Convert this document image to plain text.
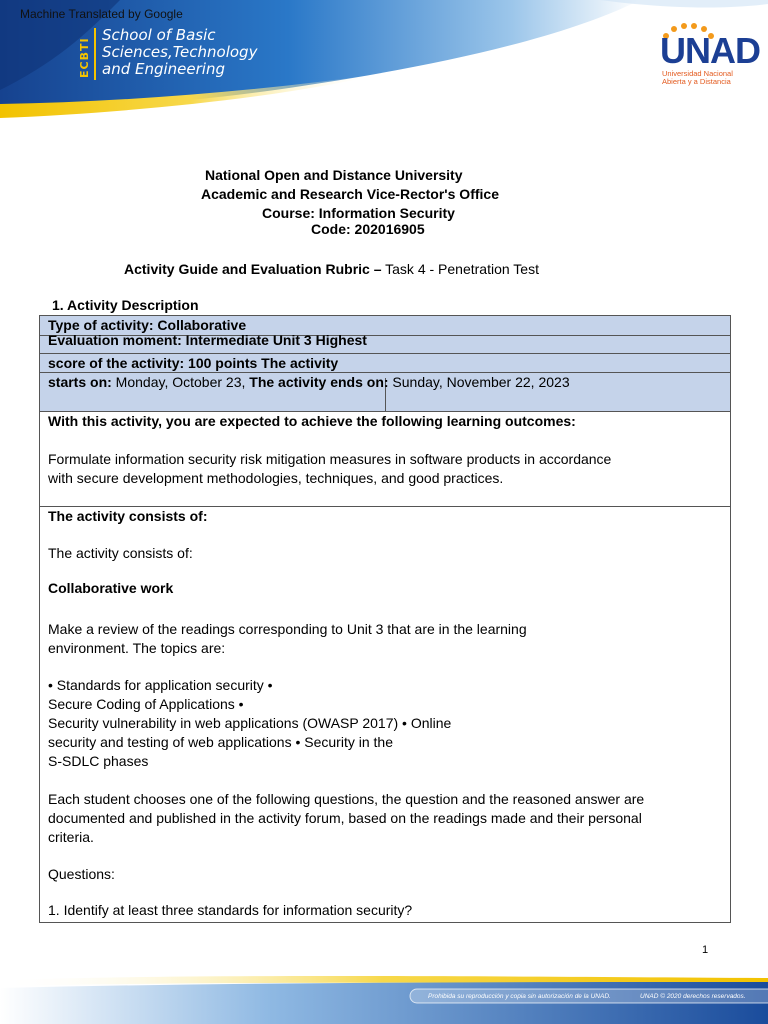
Machine Translated by Google
ECBTI
School of Basic
Sciences,Technology
and Engineering	UNAD
Universidad Nacional
Abierta y a Distancia
National Open and Distance University
Academic and Research Vice-Rector's Office
Course: Information Security
Code: 202016905
Activity Guide and Evaluation Rubric – Task 4 - Penetration Test
1. Activity Description
Type of activity: Collaborative
Evaluation moment: Intermediate Unit 3 Highest
score of the activity: 100 points The activity
starts on: Monday, October 23, The activity ends on: Sunday, November 22, 2023
With this activity, you are expected to achieve the following learning outcomes:
Formulate information security risk mitigation measures in software products in accordance
with secure development methodologies, techniques, and good practices.
The activity consists of:
The activity consists of:
Collaborative work
Make a review of the readings corresponding to Unit 3 that are in the learning
environment. The topics are:
• Standards for application security •
Secure Coding of Applications •
Security vulnerability in web applications (OWASP 2017) • Online
security and testing of web applications • Security in the
S-SDLC phases
Each student chooses one of the following questions, the question and the reasoned answer are
documented and published in the activity forum, based on the readings made and their personal
criteria.
Questions:
1. Identify at least three standards for information security?
1
Prohibida su reproducción y copia sin autorización de la UNAD.	UNAD © 2020 derechos reservados.
